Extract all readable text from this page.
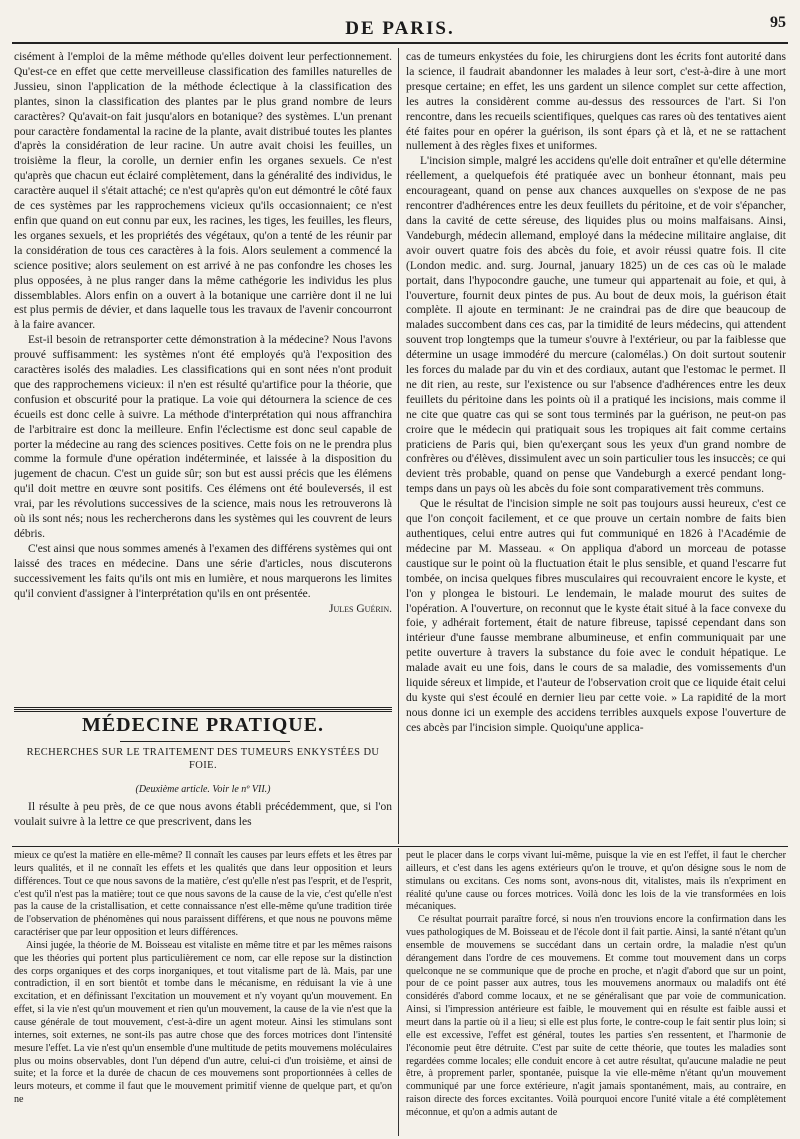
DE PARIS.	95

cisément à l'emploi de la même méthode qu'elles doivent leur perfectionnement. Qu'est-ce en effet que cette merveilleuse classification des familles naturelles de Jussieu, sinon l'application de la méthode éclectique à la classification des plantes, sinon la classification des plantes par le plus grand nombre de leurs caractères? Qu'avait-on fait jusqu'alors en botanique? des systèmes. L'un prenant pour caractère fondamental la racine de la plante, avait distribué toutes les plantes d'après la considération de leur racine. Un autre avait choisi les feuilles, un troisième la fleur, la corolle, un dernier enfin les organes sexuels. Ce n'est qu'après que chacun eut éclairé complètement, dans la généralité des individus, le caractère auquel il s'était attaché; ce n'est qu'après qu'on eut démontré le côté faux de ces systèmes par les rapprochemens vicieux qu'ils occasionnaient; ce n'est enfin que quand on eut connu par eux, les racines, les tiges, les feuilles, les fleurs, les organes sexuels, et les propriétés des végétaux, qu'on a tenté de les réunir par la considération de tous ces caractères à la fois. Alors seulement a commencé la science positive; alors seulement on est arrivé à ne pas confondre les choses les plus opposées, à ne plus ranger dans la même cathégorie les individus les plus dissemblables. Alors enfin on a ouvert à la botanique une carrière dont il ne lui est plus permis de dévier, et dans laquelle tous les travaux de l'avenir concourront à la faire avancer.

Est-il besoin de retransporter cette démonstration à la médecine? Nous l'avons prouvé suffisamment: les systèmes n'ont été employés qu'à l'exposition des caractères isolés des maladies. Les classifications qui en sont nées n'ont produit que des rapprochemens vicieux: il n'en est résulté qu'artifice pour la théorie, que confusion et obscurité pour la pratique. La voie qui détournera la science de ces écueils est donc celle à suivre. La méthode d'interprétation qui nous affranchira de l'arbitraire est donc la meilleure. Enfin l'éclectisme est donc seul capable de porter la médecine au rang des sciences positives. Cette fois on ne le prendra plus comme la formule d'une opération indéterminée, et laissée à la disposition du jugement de chacun. C'est un guide sûr; son but est aussi précis que les élémens qu'il doit mettre en œuvre sont positifs. Ces élémens ont été bouleversés, il est vrai, par les révolutions successives de la science, mais nous les retrouverons là où ils sont nés; nous les rechercherons dans les systèmes qui les couvrent de leurs débris.

C'est ainsi que nous sommes amenés à l'examen des différens systèmes qui ont laissé des traces en médecine. Dans une série d'articles, nous discuterons successivement les faits qu'ils ont mis en lumière, et nous marquerons les limites qu'il convient d'assigner à l'interprétation qu'ils en ont présentée.

Jules Guérin.
MÉDECINE PRATIQUE.
RECHERCHES SUR LE TRAITEMENT DES TUMEURS ENKYSTÉES DU FOIE.
(Deuxième article. Voir le nº VII.)

Il résulte à peu près, de ce que nous avons établi précédemment, que, si l'on voulait suivre à la lettre ce que prescrivent, dans les

cas de tumeurs enkystées du foie, les chirurgiens dont les écrits font autorité dans la science, il faudrait abandonner les malades à leur sort, c'est-à-dire à une mort presque certaine; en effet, les uns gardent un silence complet sur cette affection, les autres la considèrent comme au-dessus des ressources de l'art. Si l'on rencontre, dans les recueils scientifiques, quelques cas rares où des tentatives aient été faites pour en opérer la guérison, ils sont épars çà et là, et ne se rattachent nullement à des règles fixes et uniformes.

L'incision simple, malgré les accidens qu'elle doit entraîner et qu'elle détermine réellement, a quelquefois été pratiquée avec un bonheur étonnant, mais peu encourageant, quand on pense aux chances auxquelles on s'expose de ne pas rencontrer d'adhérences entre les deux feuillets du péritoine, et de voir s'épancher, dans la cavité de cette séreuse, des liquides plus ou moins malfaisans. Ainsi, Vandeburgh, médecin allemand, employé dans la médecine militaire anglaise, dit avoir ouvert quatre fois des abcès du foie, et avoir réussi quatre fois. Il cite (London medic. and. surg. Journal, january 1825) un de ces cas où le malade portait, dans l'hypocondre gauche, une tumeur qui appartenait au foie, et qui, à l'ouverture, fournit deux pintes de pus. Au bout de deux mois, la guérison était complète. Il ajoute en terminant: Je ne craindrai pas de dire que beaucoup de malades succombent dans ces cas, par la timidité de leurs médecins, qui attendent souvent trop longtemps que la tumeur s'ouvre à l'extérieur, ou par la faiblesse que détermine un usage immodéré du mercure (calomélas.) On doit surtout soutenir les forces du malade par du vin et des cordiaux, autant que l'estomac le permet. Il ne dit rien, au reste, sur l'existence ou sur l'absence d'adhérences entre les deux feuillets du péritoine dans les points où il a pratiqué les incisions, mais comme il ne cite que quatre cas qui se sont tous terminés par la guérison, ne peut-on pas croire que le médecin qui pratiquait sous les tropiques ait fait comme certains praticiens de Paris qui, bien qu'exerçant sous les yeux d'un grand nombre de confrères ou d'élèves, dissimulent avec un soin particulier tous les insuccès; ce qui devient très probable, quand on pense que Vandeburgh a exercé pendant long-temps dans un pays où les abcès du foie sont comparativement très communs.

Que le résultat de l'incision simple ne soit pas toujours aussi heureux, c'est ce que l'on conçoit facilement, et ce que prouve un certain nombre de faits bien authentiques, celui entre autres qui fut communiqué en 1826 à l'Académie de médecine par M. Masseau. « On appliqua d'abord un morceau de potasse caustique sur le point où la fluctuation était le plus sensible, et quand l'escarre fut tombée, on incisa quelques fibres musculaires qui recouvraient encore le kyste, et l'on y plongea le bistouri. Le lendemain, le malade mourut des suites de l'opération. A l'ouverture, on reconnut que le kyste était situé à la face convexe du foie, y adhérait fortement, était de nature fibreuse, tapissé cependant dans son intérieur d'une fausse membrane albumineuse, et enfin communiquait par une petite ouverture à travers la substance du foie avec le conduit hépatique. Le malade avait eu une fois, dans le cours de sa maladie, des vomissements d'un liquide séreux et limpide, et l'auteur de l'observation croit que ce liquide était celui du kyste qui s'est écoulé en dernier lieu par cette voie. » La rapidité de la mort nous donne ici un exemple des accidens terribles auxquels expose l'ouverture de ces abcès par l'incision simple. Quoiqu'une applica-

mieux ce qu'est la matière en elle-même? Il connaît les causes par leurs effets et les êtres par leurs qualités, et il ne connaît les effets et les qualités que dans leur opposition et leurs différences. Tout ce que nous savons de la matière, c'est qu'elle n'est pas l'esprit, et de l'esprit, c'est qu'il n'est pas la matière; tout ce que nous savons de la cause de la vie, c'est qu'elle n'est pas la cause de la cristallisation, et cette connaissance n'est elle-même qu'une tradition tirée de l'observation de phénomènes qui nous paraissent différens, et que nous ne pouvons même caractériser que par leur opposition et leurs différences.

Ainsi jugée, la théorie de M. Boisseau est vitaliste en même titre et par les mêmes raisons que les théories qui portent plus particulièrement ce nom, car elle repose sur la distinction des corps organiques et des corps inorganiques, et tout vitalisme part de là. Mais, par une contradiction, il en sort bientôt et tombe dans le mécanisme, en réduisant la vie à une excitation, et en définissant l'excitation un mouvement et n'y voyant qu'un mouvement. En effet, si la vie n'est qu'un mouvement et rien qu'un mouvement, la cause de la vie n'est que la cause générale de tout mouvement, c'est-à-dire un agent moteur. Ainsi les stimulans sont internes, soit externes, ne sont-ils pas autre chose que des forces motrices dont l'intensité mesure l'effet. La vie n'est qu'un ensemble d'une multitude de petits mouvemens moléculaires plus ou moins observables, dont l'un dépend d'un autre, celui-ci d'un troisième, et ainsi de suite; et la force et la durée de chacun de ces mouvemens sont proportionnées à celles de leurs moteurs, et comme il faut que le mouvement primitif vienne de quelque part, et qu'on ne

peut le placer dans le corps vivant lui-même, puisque la vie en est l'effet, il faut le chercher ailleurs, et c'est dans les agens extérieurs qu'on le trouve, et qu'on désigne sous le nom de stimulans ou excitans. Ces noms sont, avons-nous dit, vitalistes, mais ils n'expriment en réalité qu'une cause ou forces motrices. Voilà donc les lois de la vie transformées en lois mécaniques.

Ce résultat pourrait paraître forcé, si nous n'en trouvions encore la confirmation dans les vues pathologiques de M. Boisseau et de l'école dont il fait partie. Ainsi, la santé n'étant qu'un ensemble de mouvemens se succédant dans un certain ordre, la maladie n'est qu'un dérangement dans l'ordre de ces mouvemens. Et comme tout mouvement dans un corps quelconque ne se communique que de proche en proche, et n'agit d'abord que sur un point, pour de ce point passer aux autres, tous les mouvemens anormaux ou maladifs ont été considérés d'abord comme locaux, et ne se généralisant que par voie de communication. Ainsi, si l'impression antérieure est faible, le mouvement qui en résulte est faible aussi et meurt dans la partie où il a lieu; si elle est plus forte, le contre-coup le fait sentir plus loin; si elle est excessive, l'effet est général, toutes les parties s'en ressentent, et l'harmonie de l'économie peut être détruite. C'est par suite de cette théorie, que toutes les maladies sont regardées comme locales; elle conduit encore à cet autre résultat, qu'aucune maladie ne peut être, à proprement parler, spontanée, puisque la vie elle-même n'étant qu'un mouvement communiqué par une force extérieure, n'agit jamais spontanément, mais, au contraire, en raison directe des forces excitantes. Voilà pourquoi encore l'unité vitale a été complètement méconnue, et qu'on a admis autant de
